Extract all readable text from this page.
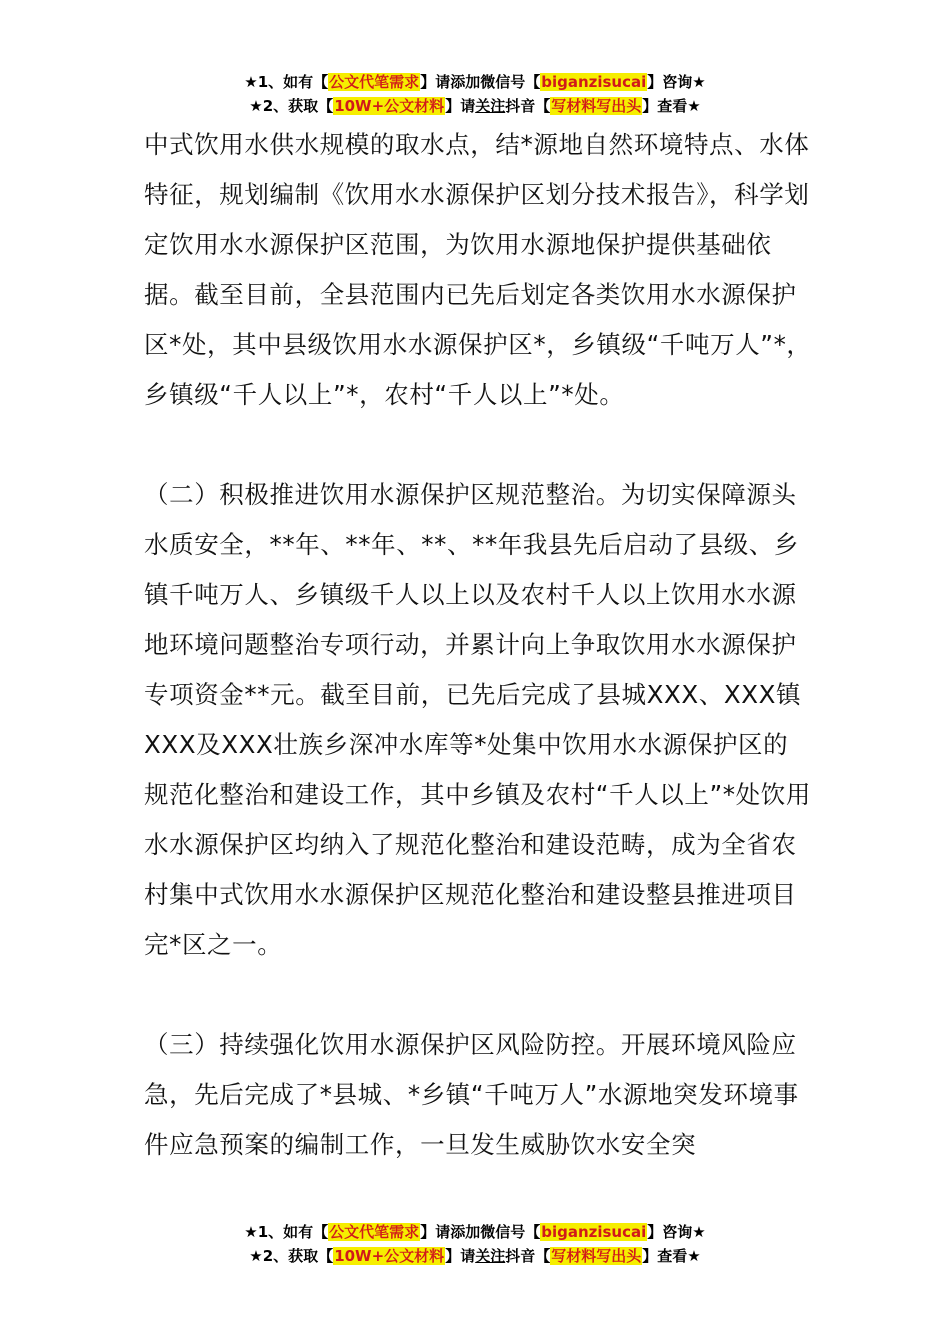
★1、如有【公文代笔需求】请添加微信号【biganzisucai】咨询★
★2、获取【10W+公文材料】请关注抖音【写材料写出头】查看★

中式饮用水供水规模的取水点，结*源地自然环境特点、水体特征，规划编制《饮用水水源保护区划分技术报告》，科学划定饮用水水源保护区范围，为饮用水源地保护提供基础依据。截至目前，全县范围内已先后划定各类饮用水水源保护区*处，其中县级饮用水水源保护区*，乡镇级“千吨万人”*，乡镇级“千人以上”*，农村“千人以上”*处。

（二）积极推进饮用水源保护区规范整治。为切实保障源头水质安全，**年、**年、**、**年我县先后启动了县级、乡镇千吨万人、乡镇级千人以上以及农村千人以上饮用水水源地环境问题整治专项行动，并累计向上争取饮用水水源保护专项资金**元。截至目前，已先后完成了县城XXX、XXX镇XXX及XXX壮族乡深冲水库等*处集中饮用水水源保护区的规范化整治和建设工作，其中乡镇及农村“千人以上”*处饮用水水源保护区均纳入了规范化整治和建设范畴，成为全省农村集中式饮用水水源保护区规范化整治和建设整县推进项目完*区之一。

（三）持续强化饮用水源保护区风险防控。开展环境风险应急，先后完成了*县城、*乡镇“千吨万人”水源地突发环境事件应急预案的编制工作，一旦发生威胁饮水安全突

★1、如有【公文代笔需求】请添加微信号【biganzisucai】咨询★
★2、获取【10W+公文材料】请关注抖音【写材料写出头】查看★
